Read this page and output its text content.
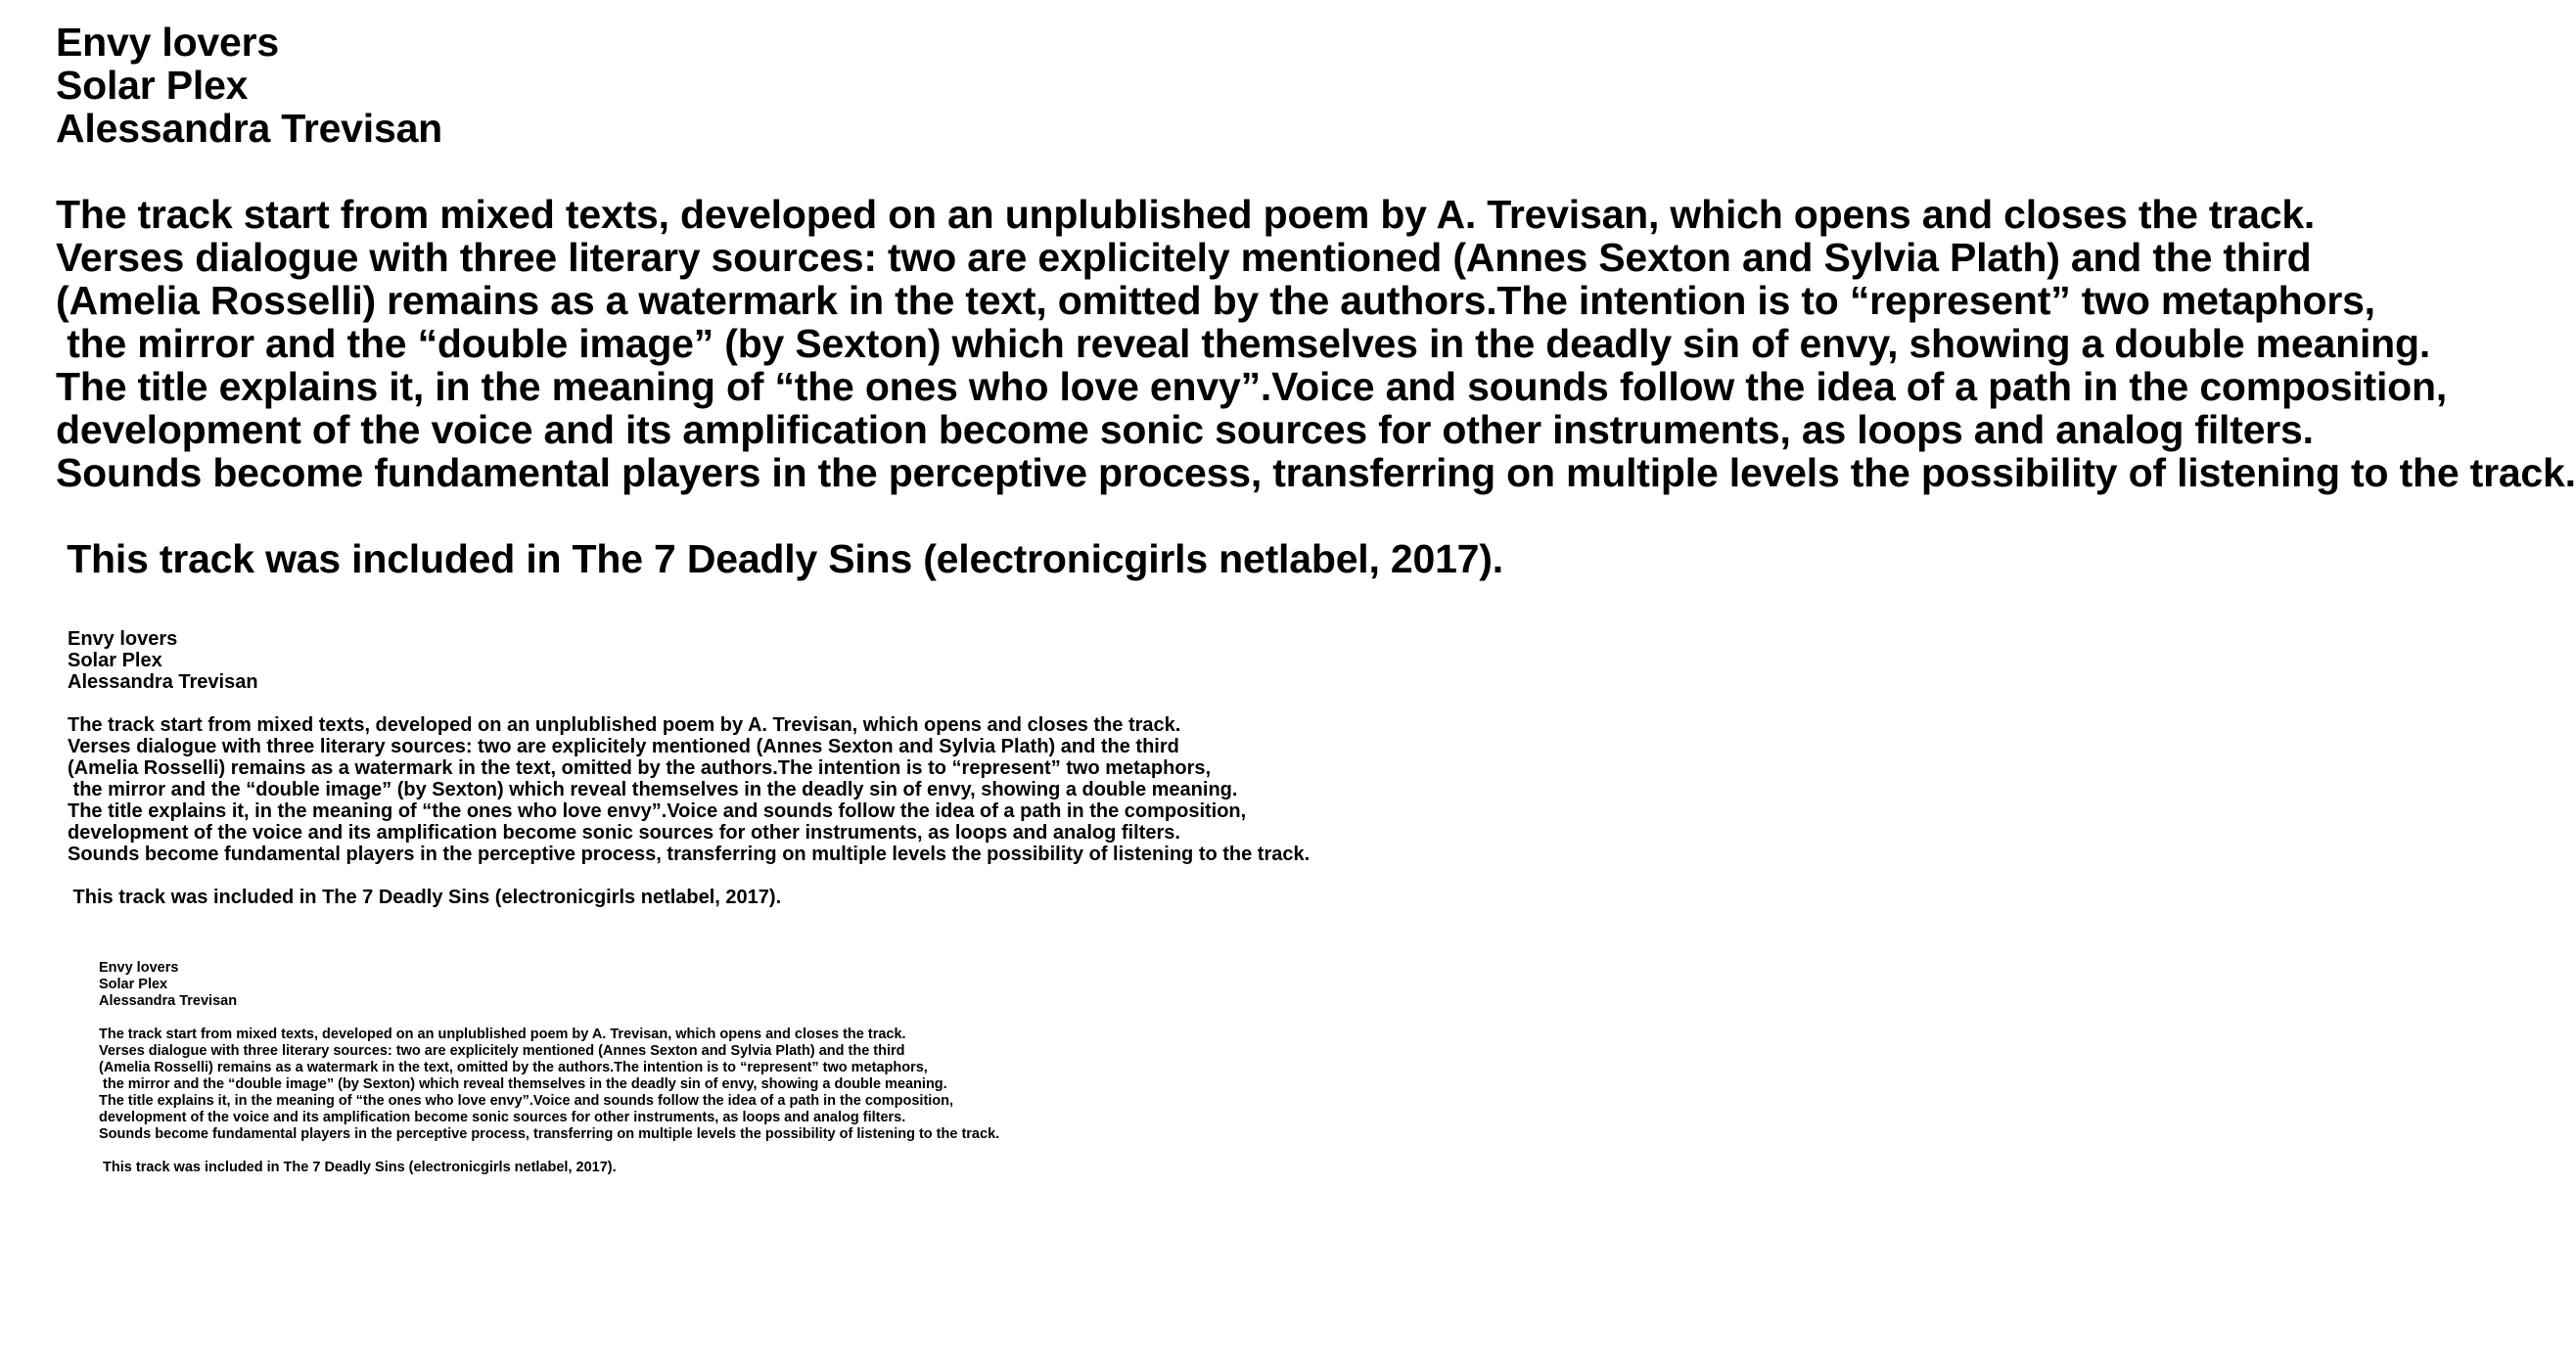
Envy lovers

Solar Plex

Alessandra Trevisan

The track start from mixed texts, developed on an unplublished poem by A. Trevisan, which opens and closes the track.

Verses dialogue with three literary sources: two are explicitely mentioned (Annes Sexton and Sylvia Plath) and the third

(Amelia Rosselli) remains as a watermark in the text, omitted by the authors.The intention is to “represent” two metaphors,

the mirror and the “double image” (by Sexton) which reveal themselves in the deadly sin of envy, showing a double meaning.

The title explains it, in the meaning of “the ones who love envy”.Voice and sounds follow the idea of a path in the composition,

development of the voice and its amplification become sonic sources for other instruments, as loops and analog filters.

Sounds become fundamental players in the perceptive process, transferring on multiple levels the possibility of listening to the track.

This track was included in The 7 Deadly Sins (electronicgirls netlabel, 2017).

Envy lovers

Solar Plex

Alessandra Trevisan

The track start from mixed texts, developed on an unplublished poem by A. Trevisan, which opens and closes the track.

Verses dialogue with three literary sources: two are explicitely mentioned (Annes Sexton and Sylvia Plath) and the third

(Amelia Rosselli) remains as a watermark in the text, omitted by the authors.The intention is to “represent” two metaphors,

the mirror and the “double image” (by Sexton) which reveal themselves in the deadly sin of envy, showing a double meaning.

The title explains it, in the meaning of “the ones who love envy”.Voice and sounds follow the idea of a path in the composition,

development of the voice and its amplification become sonic sources for other instruments, as loops and analog filters.

Sounds become fundamental players in the perceptive process, transferring on multiple levels the possibility of listening to the track.

This track was included in The 7 Deadly Sins (electronicgirls netlabel, 2017).

Envy lovers

Solar Plex

Alessandra Trevisan

The track start from mixed texts, developed on an unplublished poem by A. Trevisan, which opens and closes the track.

Verses dialogue with three literary sources: two are explicitely mentioned (Annes Sexton and Sylvia Plath) and the third

(Amelia Rosselli) remains as a watermark in the text, omitted by the authors.The intention is to “represent” two metaphors,

the mirror and the “double image” (by Sexton) which reveal themselves in the deadly sin of envy, showing a double meaning.

The title explains it, in the meaning of “the ones who love envy”.Voice and sounds follow the idea of a path in the composition,

development of the voice and its amplification become sonic sources for other instruments, as loops and analog filters.

Sounds become fundamental players in the perceptive process, transferring on multiple levels the possibility of listening to the track.

This track was included in The 7 Deadly Sins (electronicgirls netlabel, 2017).
